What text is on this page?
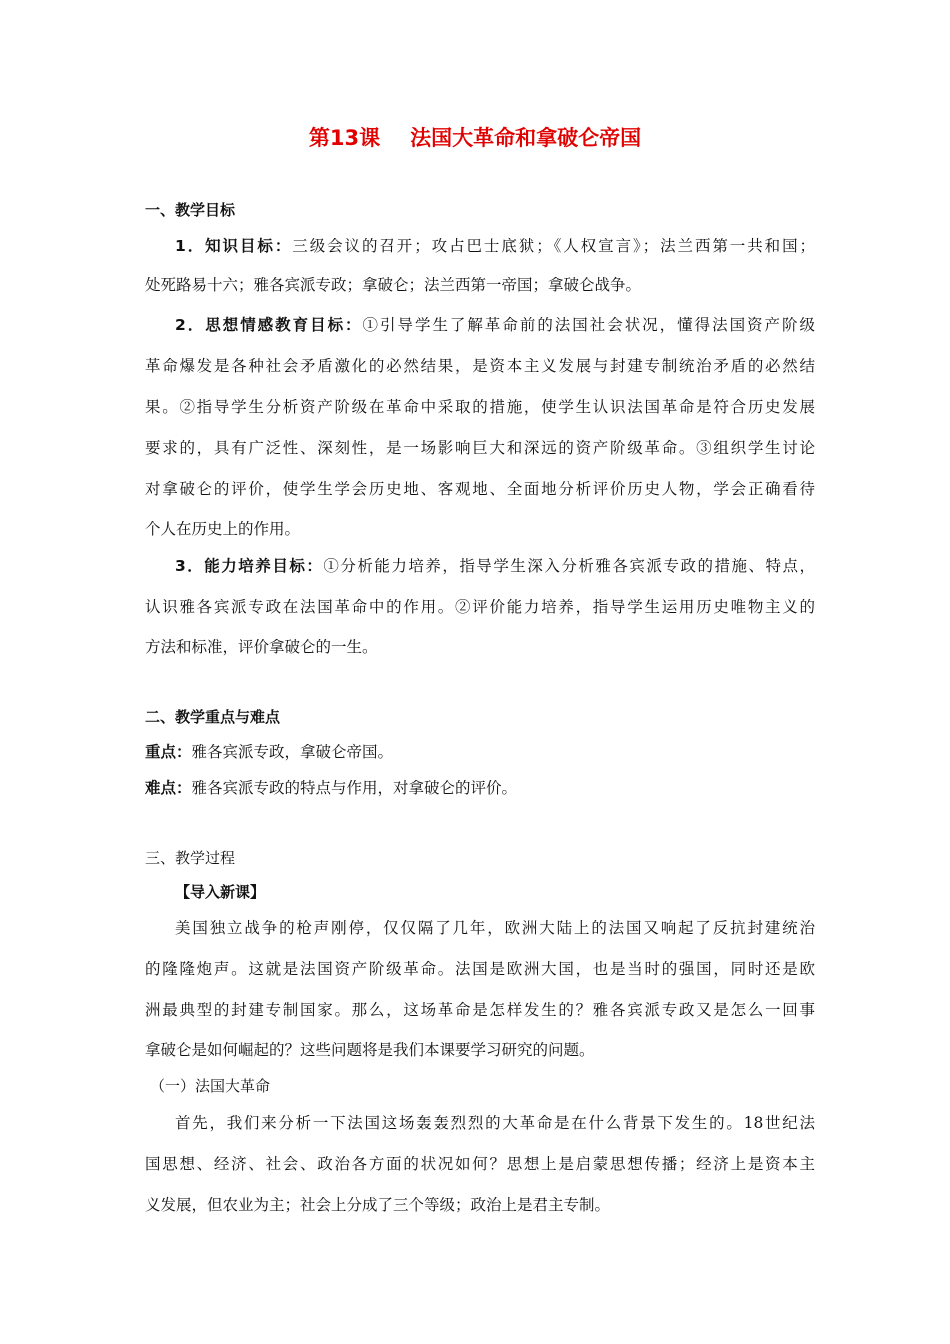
第13课 法国大革命和拿破仑帝国
一、教学目标
1．知识目标：三级会议的召开；攻占巴士底狱；《人权宣言》；法兰西第一共和国；
处死路易十六；雅各宾派专政；拿破仑；法兰西第一帝国；拿破仑战争。
2．思想情感教育目标：①引导学生了解革命前的法国社会状况，懂得法国资产阶级
革命爆发是各种社会矛盾激化的必然结果，是资本主义发展与封建专制统治矛盾的必然结
果。②指导学生分析资产阶级在革命中采取的措施，使学生认识法国革命是符合历史发展
要求的，具有广泛性、深刻性，是一场影响巨大和深远的资产阶级革命。③组织学生讨论
对拿破仑的评价，使学生学会历史地、客观地、全面地分析评价历史人物，学会正确看待
个人在历史上的作用。
3．能力培养目标：①分析能力培养，指导学生深入分析雅各宾派专政的措施、特点，
认识雅各宾派专政在法国革命中的作用。②评价能力培养，指导学生运用历史唯物主义的
方法和标准，评价拿破仑的一生。
二、教学重点与难点
重点：雅各宾派专政，拿破仑帝国。
难点：雅各宾派专政的特点与作用，对拿破仑的评价。
三、教学过程
【导入新课】
美国独立战争的枪声刚停，仅仅隔了几年，欧洲大陆上的法国又响起了反抗封建统治
的隆隆炮声。这就是法国资产阶级革命。法国是欧洲大国，也是当时的强国，同时还是欧
洲最典型的封建专制国家。那么，这场革命是怎样发生的？雅各宾派专政又是怎么一回事
拿破仑是如何崛起的？这些问题将是我们本课要学习研究的问题。
（一）法国大革命
首先，我们来分析一下法国这场轰轰烈烈的大革命是在什么背景下发生的。18世纪法
国思想、经济、社会、政治各方面的状况如何？思想上是启蒙思想传播；经济上是资本主
义发展，但农业为主；社会上分成了三个等级；政治上是君主专制。
